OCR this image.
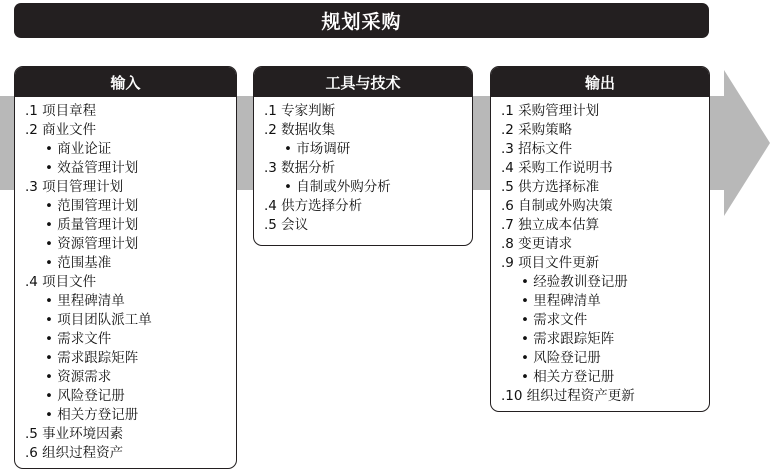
规划采购
输入
.1 项目章程
.2 商业文件
• 商业论证
• 效益管理计划
.3 项目管理计划
• 范围管理计划
• 质量管理计划
• 资源管理计划
• 范围基准
.4 项目文件
• 里程碑清单
• 项目团队派工单
• 需求文件
• 需求跟踪矩阵
• 资源需求
• 风险登记册
• 相关方登记册
.5 事业环境因素
.6 组织过程资产
工具与技术
.1 专家判断
.2 数据收集
• 市场调研
.3 数据分析
• 自制或外购分析
.4 供方选择分析
.5 会议
输出
.1 采购管理计划
.2 采购策略
.3 招标文件
.4 采购工作说明书
.5 供方选择标准
.6 自制或外购决策
.7 独立成本估算
.8 变更请求
.9 项目文件更新
• 经验教训登记册
• 里程碑清单
• 需求文件
• 需求跟踪矩阵
• 风险登记册
• 相关方登记册
.10 组织过程资产更新
